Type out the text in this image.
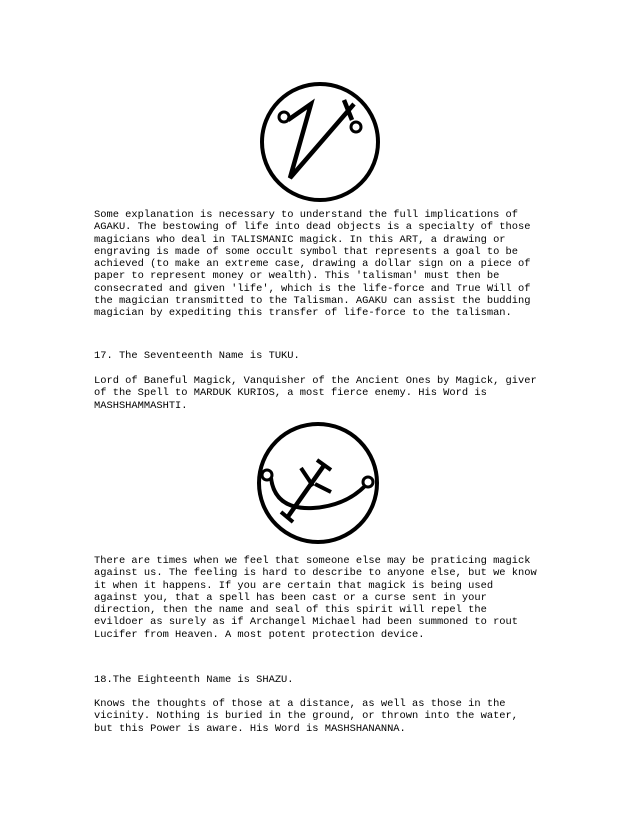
Some explanation is necessary to understand the full implications of
AGAKU. The bestowing of life into dead objects is a specialty of those
magicians who deal in TALISMANIC magick. In this ART, a drawing or
engraving is made of some occult symbol that represents a goal to be
achieved (to make an extreme case, drawing a dollar sign on a piece of
paper to represent money or wealth). This 'talisman' must then be
consecrated and given 'life', which is the life-force and True Will of
the magician transmitted to the Talisman. AGAKU can assist the budding
magician by expediting this transfer of life-force to the talisman.

17. The Seventeenth Name is TUKU.

Lord of Baneful Magick, Vanquisher of the Ancient Ones by Magick, giver
of the Spell to MARDUK KURIOS, a most fierce enemy. His Word is
MASHSHAMMASHTI.

There are times when we feel that someone else may be praticing magick
against us. The feeling is hard to describe to anyone else, but we know
it when it happens. If you are certain that magick is being used
against you, that a spell has been cast or a curse sent in your
direction, then the name and seal of this spirit will repel the
evildoer as surely as if Archangel Michael had been summoned to rout
Lucifer from Heaven. A most potent protection device.

18.The Eighteenth Name is SHAZU.

Knows the thoughts of those at a distance, as well as those in the
vicinity. Nothing is buried in the ground, or thrown into the water,
but this Power is aware. His Word is MASHSHANANNA.
